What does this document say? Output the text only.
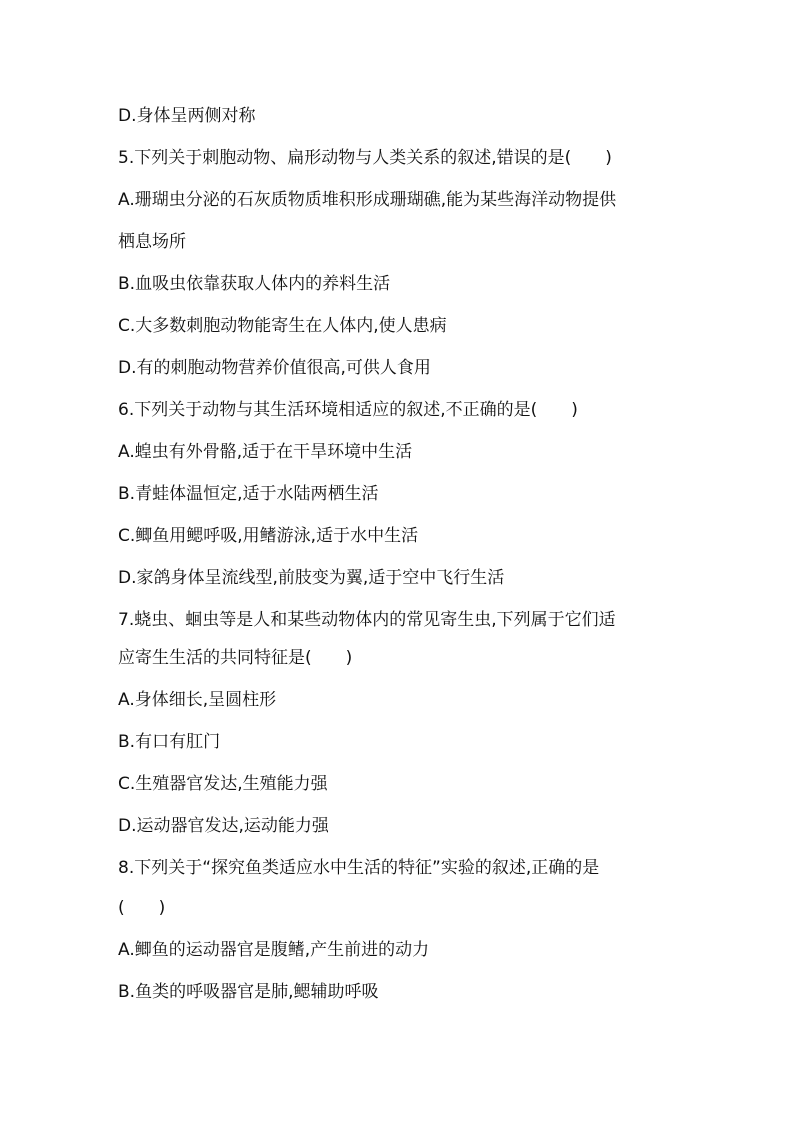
D.身体呈两侧对称
5.下列关于刺胞动物、扁形动物与人类关系的叙述,错误的是(　　)
A.珊瑚虫分泌的石灰质物质堆积形成珊瑚礁,能为某些海洋动物提供
栖息场所
B.血吸虫依靠获取人体内的养料生活
C.大多数刺胞动物能寄生在人体内,使人患病
D.有的刺胞动物营养价值很高,可供人食用
6.下列关于动物与其生活环境相适应的叙述,不正确的是(　　)
A.蝗虫有外骨骼,适于在干旱环境中生活
B.青蛙体温恒定,适于水陆两栖生活
C.鲫鱼用鳃呼吸,用鳍游泳,适于水中生活
D.家鸽身体呈流线型,前肢变为翼,适于空中飞行生活
7.蛲虫、蛔虫等是人和某些动物体内的常见寄生虫,下列属于它们适
应寄生生活的共同特征是(　　)
A.身体细长,呈圆柱形
B.有口有肛门
C.生殖器官发达,生殖能力强
D.运动器官发达,运动能力强
8.下列关于“探究鱼类适应水中生活的特征”实验的叙述,正确的是
(　　)
A.鲫鱼的运动器官是腹鳍,产生前进的动力
B.鱼类的呼吸器官是肺,鳃辅助呼吸
